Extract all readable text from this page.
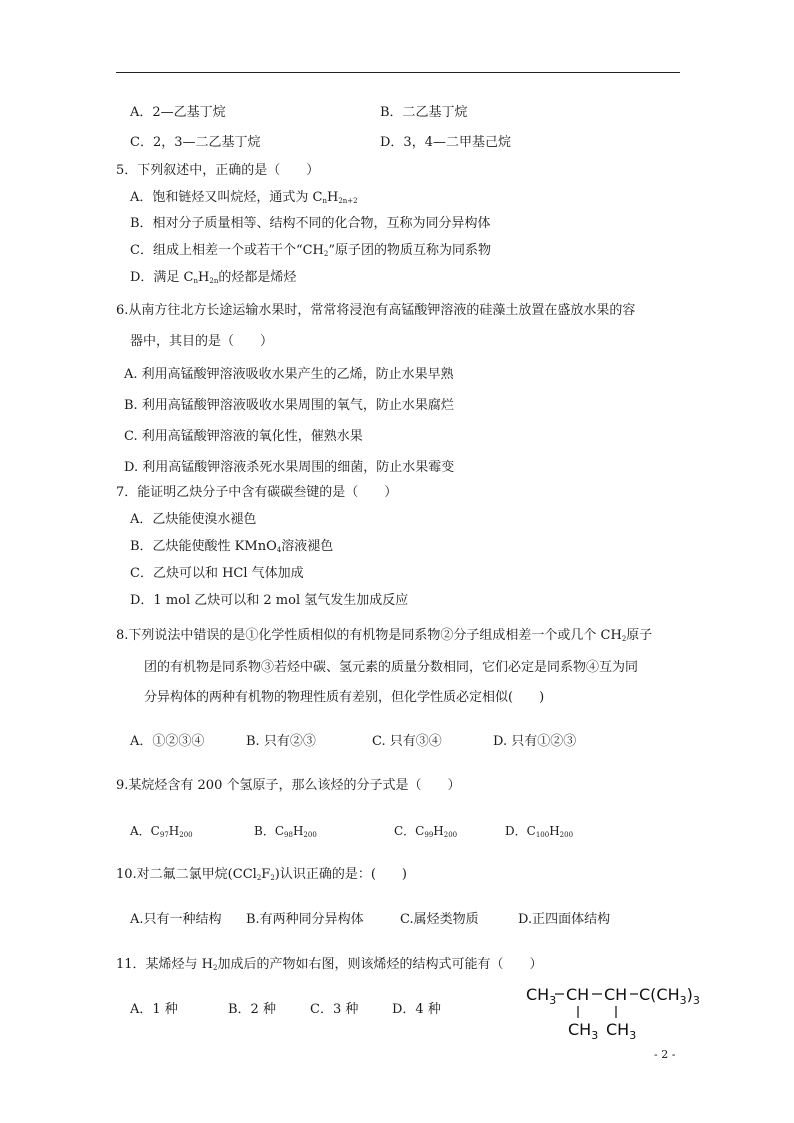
A．2—乙基丁烷	B．二乙基丁烷
C．2，3—二乙基丁烷	D．3，4—二甲基己烷
5．下列叙述中，正确的是（　　）
A．饱和链烃又叫烷烃，通式为 $C_nH_{2n+2}$
B．相对分子质量相等、结构不同的化合物，互称为同分异构体
C．组成上相差一个或若干个“$CH_2$”原子团的物质互称为同系物
D．满足 $C_nH_{2n}$的烃都是烯烃
6.从南方往北方长途运输水果时，常常将浸泡有高锰酸钾溶液的硅藻土放置在盛放水果的容
器中，其目的是（　　）
A. 利用高锰酸钾溶液吸收水果产生的乙烯，防止水果早熟
B. 利用高锰酸钾溶液吸收水果周围的氧气，防止水果腐烂
C. 利用高锰酸钾溶液的氧化性，催熟水果
D. 利用高锰酸钾溶液杀死水果周围的细菌，防止水果霉变
7．能证明乙炔分子中含有碳碳叁键的是（　　）
A．乙炔能使溴水褪色
B．乙炔能使酸性 KMnO$_4$溶液褪色
C．乙炔可以和 HCl 气体加成
D．1 mol 乙炔可以和 2 mol 氢气发生加成反应
8.下列说法中错误的是①化学性质相似的有机物是同系物②分子组成相差一个或几个 $CH_2$原子
团的有机物是同系物③若烃中碳、氢元素的质量分数相同，它们必定是同系物④互为同
分异构体的两种有机物的物理性质有差别，但化学性质必定相似(　　)
A．①②③④	B. 只有②③	C. 只有③④	D. 只有①②③
9.某烷烃含有 200 个氢原子，那么该烃的分子式是（　　）
A．$C_{97}H_{200}$	B．$C_{98}H_{200}$	C．$C_{99}H_{200}$	D．$C_{100}H_{200}$
10.对二氟二氯甲烷$(CCl_2F_2)$认识正确的是：(　　)
A.只有一种结构 B.有两种同分异构体	C.属烃类物质	D.正四面体结构
11．某烯烃与 $H_2$加成后的产物如右图，则该烯烃的结构式可能有（　　）
A．1 种	B．2 种	C．3 种	D．4 种
$CH_3$ CH CH $C(CH_3)_3$
$CH_3$ $CH_3$
- 2 -
